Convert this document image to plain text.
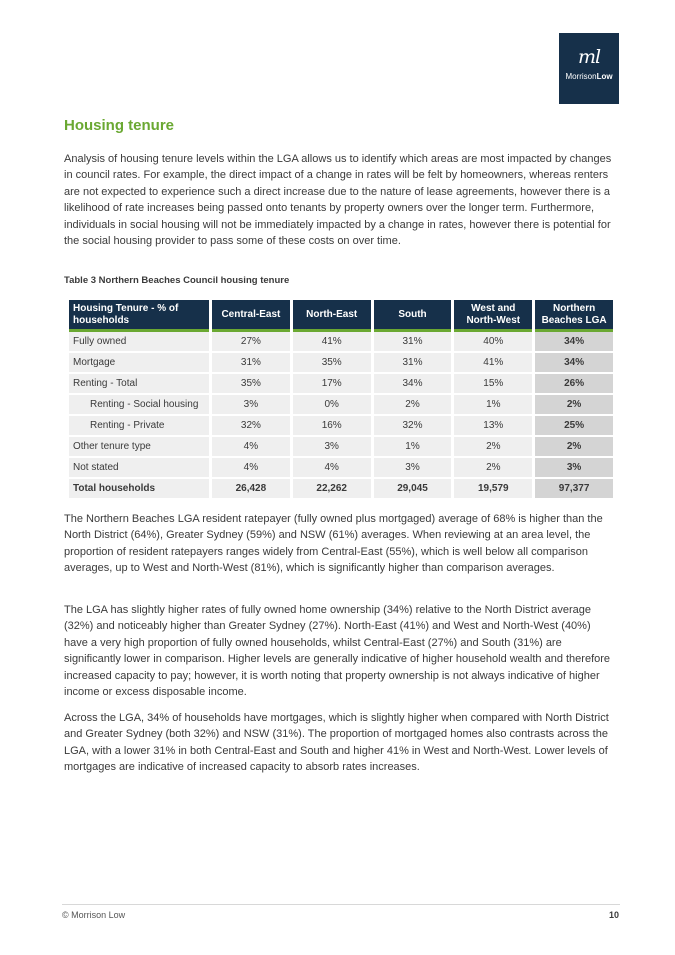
ml
MorrisonLow
Housing tenure

Analysis of housing tenure levels within the LGA allows us to identify which areas are most impacted by changes in council rates. For example, the direct impact of a change in rates will be felt by homeowners, whereas renters are not expected to experience such a direct increase due to the nature of lease agreements, however there is a likelihood of rate increases being passed onto tenants by property owners over the longer term. Furthermore, individuals in social housing will not be immediately impacted by a change in rates, however there is potential for the social housing provider to pass some of these costs on over time.

Table 3 Northern Beaches Council housing tenure

Housing Tenure - % of households	Central-East	North-East	South	West and North-West	Northern Beaches LGA
Fully owned	27%	41%	31%	40%	34%
Mortgage	31%	35%	31%	41%	34%
Renting - Total	35%	17%	34%	15%	26%
Renting - Social housing	3%	0%	2%	1%	2%
Renting - Private	32%	16%	32%	13%	25%
Other tenure type	4%	3%	1%	2%	2%
Not stated	4%	4%	3%	2%	3%
Total households	26,428	22,262	29,045	19,579	97,377

The Northern Beaches LGA resident ratepayer (fully owned plus mortgaged) average of 68% is higher than the North District (64%), Greater Sydney (59%) and NSW (61%) averages. When reviewing at an area level, the proportion of resident ratepayers ranges widely from Central-East (55%), which is well below all comparison averages, up to West and North-West (81%), which is significantly higher than comparison averages.

The LGA has slightly higher rates of fully owned home ownership (34%) relative to the North District average (32%) and noticeably higher than Greater Sydney (27%). North-East (41%) and West and North-West (40%) have a very high proportion of fully owned households, whilst Central-East (27%) and South (31%) are significantly lower in comparison. Higher levels are generally indicative of higher household wealth and therefore increased capacity to pay; however, it is worth noting that property ownership is not always indicative of higher income or excess disposable income.

Across the LGA, 34% of households have mortgages, which is slightly higher when compared with North District and Greater Sydney (both 32%) and NSW (31%). The proportion of mortgaged homes also contrasts across the LGA, with a lower 31% in both Central-East and South and higher 41% in West and North-West. Lower levels of mortgages are indicative of increased capacity to absorb rates increases.

© Morrison Low	10
